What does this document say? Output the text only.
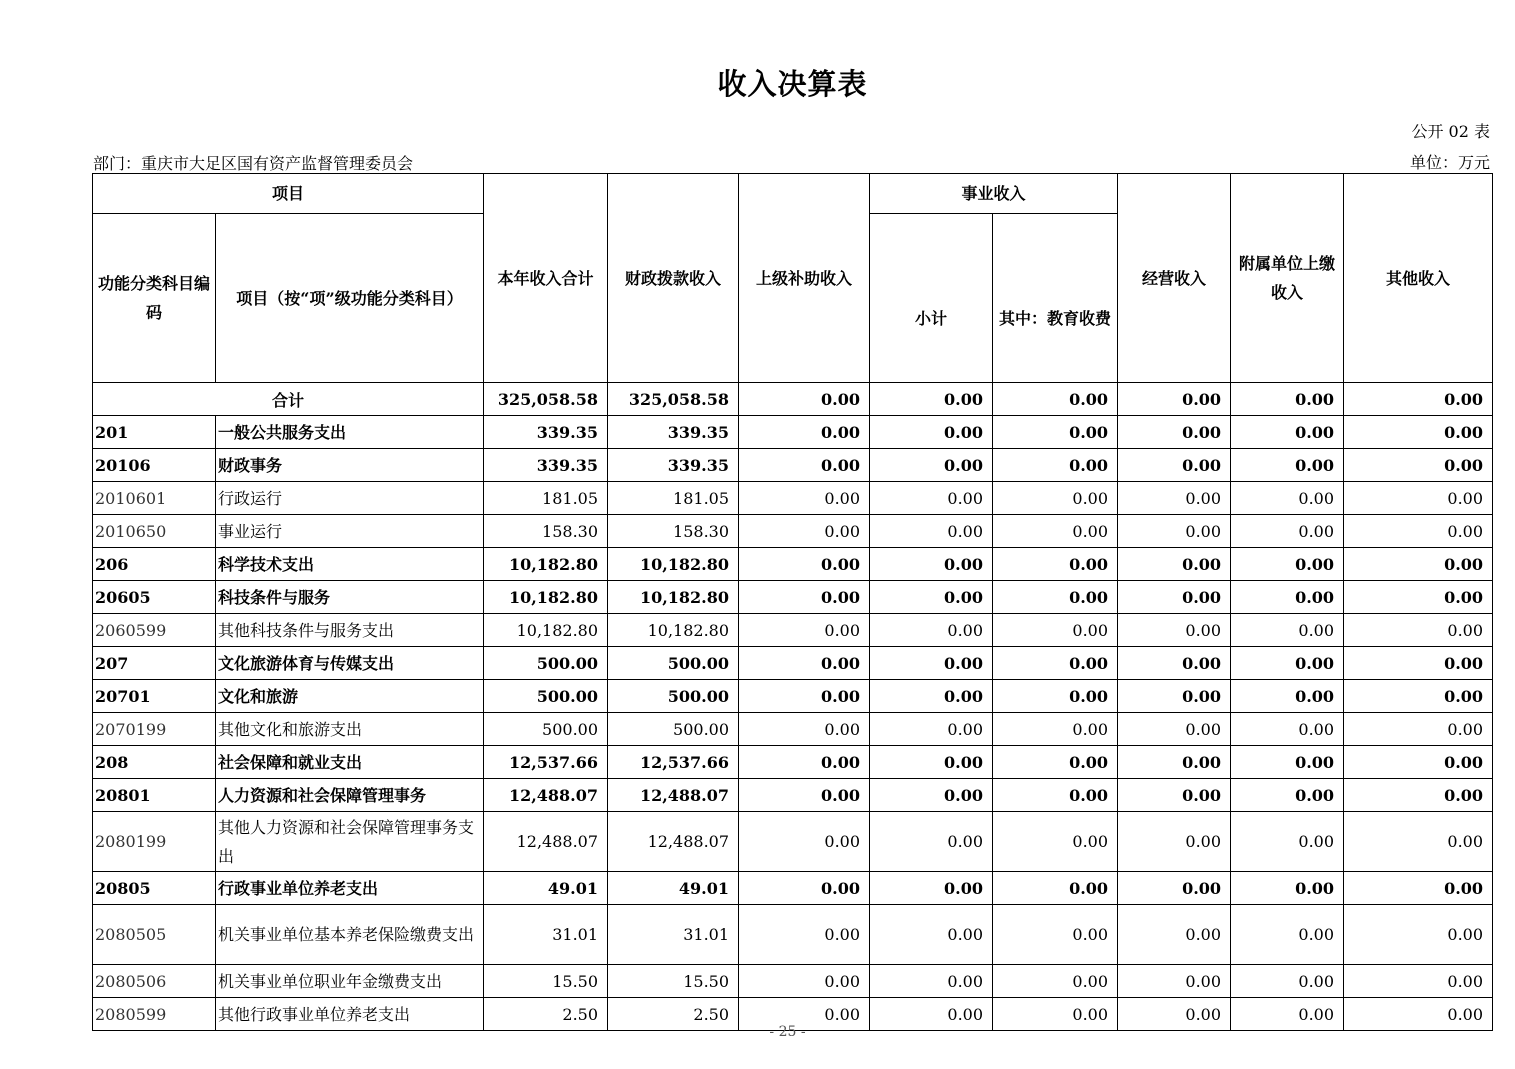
收入决算表
公开 02 表
部门：重庆市大足区国有资产监督管理委员会	单位：万元
项目		本年收入合计	财政拨款收入	上级补助收入	事业收入		经营收入	附属单位上缴收入	其他收入
功能分类科目编码	项目（按“项”级功能分类科目）				小计	其中：教育收费			
合计		325,058.58	325,058.58	0.00	0.00	0.00	0.00	0.00	0.00
201	一般公共服务支出	339.35	339.35	0.00	0.00	0.00	0.00	0.00	0.00
20106	财政事务	339.35	339.35	0.00	0.00	0.00	0.00	0.00	0.00
2010601	行政运行	181.05	181.05	0.00	0.00	0.00	0.00	0.00	0.00
2010650	事业运行	158.30	158.30	0.00	0.00	0.00	0.00	0.00	0.00
206	科学技术支出	10,182.80	10,182.80	0.00	0.00	0.00	0.00	0.00	0.00
20605	科技条件与服务	10,182.80	10,182.80	0.00	0.00	0.00	0.00	0.00	0.00
2060599	其他科技条件与服务支出	10,182.80	10,182.80	0.00	0.00	0.00	0.00	0.00	0.00
207	文化旅游体育与传媒支出	500.00	500.00	0.00	0.00	0.00	0.00	0.00	0.00
20701	文化和旅游	500.00	500.00	0.00	0.00	0.00	0.00	0.00	0.00
2070199	其他文化和旅游支出	500.00	500.00	0.00	0.00	0.00	0.00	0.00	0.00
208	社会保障和就业支出	12,537.66	12,537.66	0.00	0.00	0.00	0.00	0.00	0.00
20801	人力资源和社会保障管理事务	12,488.07	12,488.07	0.00	0.00	0.00	0.00	0.00	0.00
2080199	其他人力资源和社会保障管理事务支出	12,488.07	12,488.07	0.00	0.00	0.00	0.00	0.00	0.00
20805	行政事业单位养老支出	49.01	49.01	0.00	0.00	0.00	0.00	0.00	0.00
2080505	机关事业单位基本养老保险缴费支出	31.01	31.01	0.00	0.00	0.00	0.00	0.00	0.00
2080506	机关事业单位职业年金缴费支出	15.50	15.50	0.00	0.00	0.00	0.00	0.00	0.00
2080599	其他行政事业单位养老支出	2.50	2.50	0.00	0.00	0.00	0.00	0.00	0.00
- 25 -
